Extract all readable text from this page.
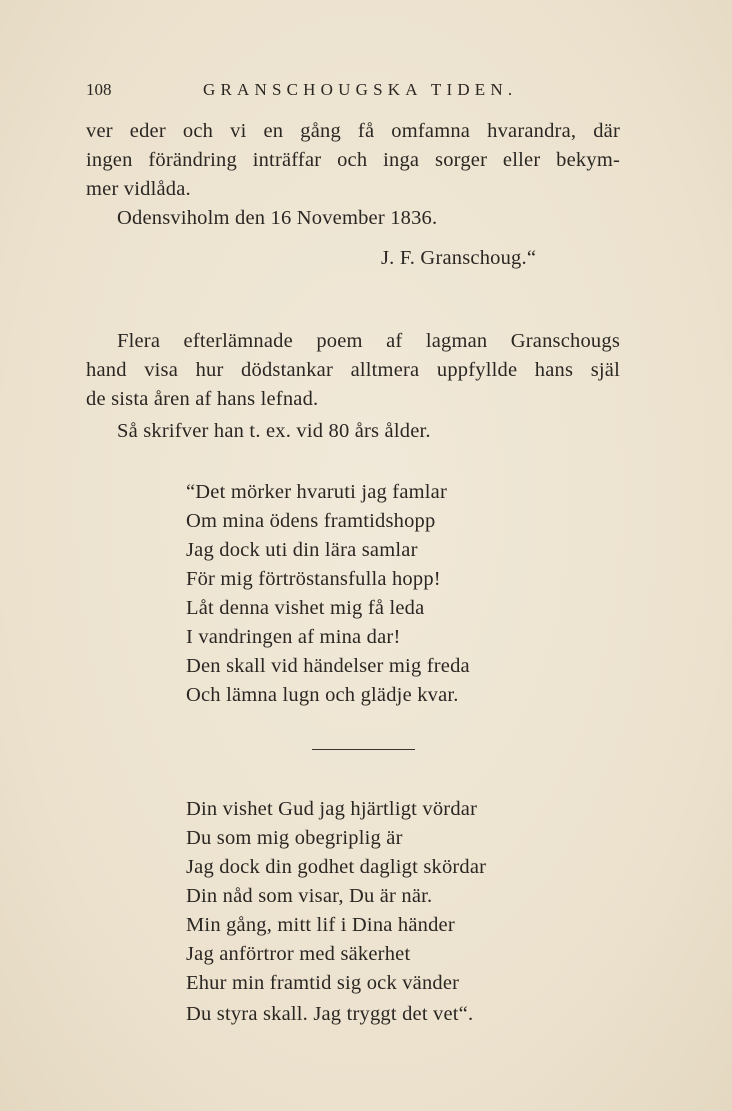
108	GRANSCHOUGSKA TIDEN.
ver eder och vi en gång få omfamna hvarandra, där
ingen förändring inträffar och inga sorger eller bekym-
mer vidlåda.
Odensviholm den 16 November 1836.
J. F. Granschoug.“
Flera efterlämnade poem af lagman Granschougs
hand visa hur dödstankar alltmera uppfyllde hans själ
de sista åren af hans lefnad.
Så skrifver han t. ex. vid 80 års ålder.
“Det mörker hvaruti jag famlar
Om mina ödens framtidshopp
Jag dock uti din lära samlar
För mig förtröstansfulla hopp!
Låt denna vishet mig få leda
I vandringen af mina dar!
Den skall vid händelser mig freda
Och lämna lugn och glädje kvar.
Din vishet Gud jag hjärtligt vördar
Du som mig obegriplig är
Jag dock din godhet dagligt skördar
Din nåd som visar, Du är när.
Min gång, mitt lif i Dina händer
Jag anförtror med säkerhet
Ehur min framtid sig ock vänder
Du styra skall. Jag tryggt det vet“.
